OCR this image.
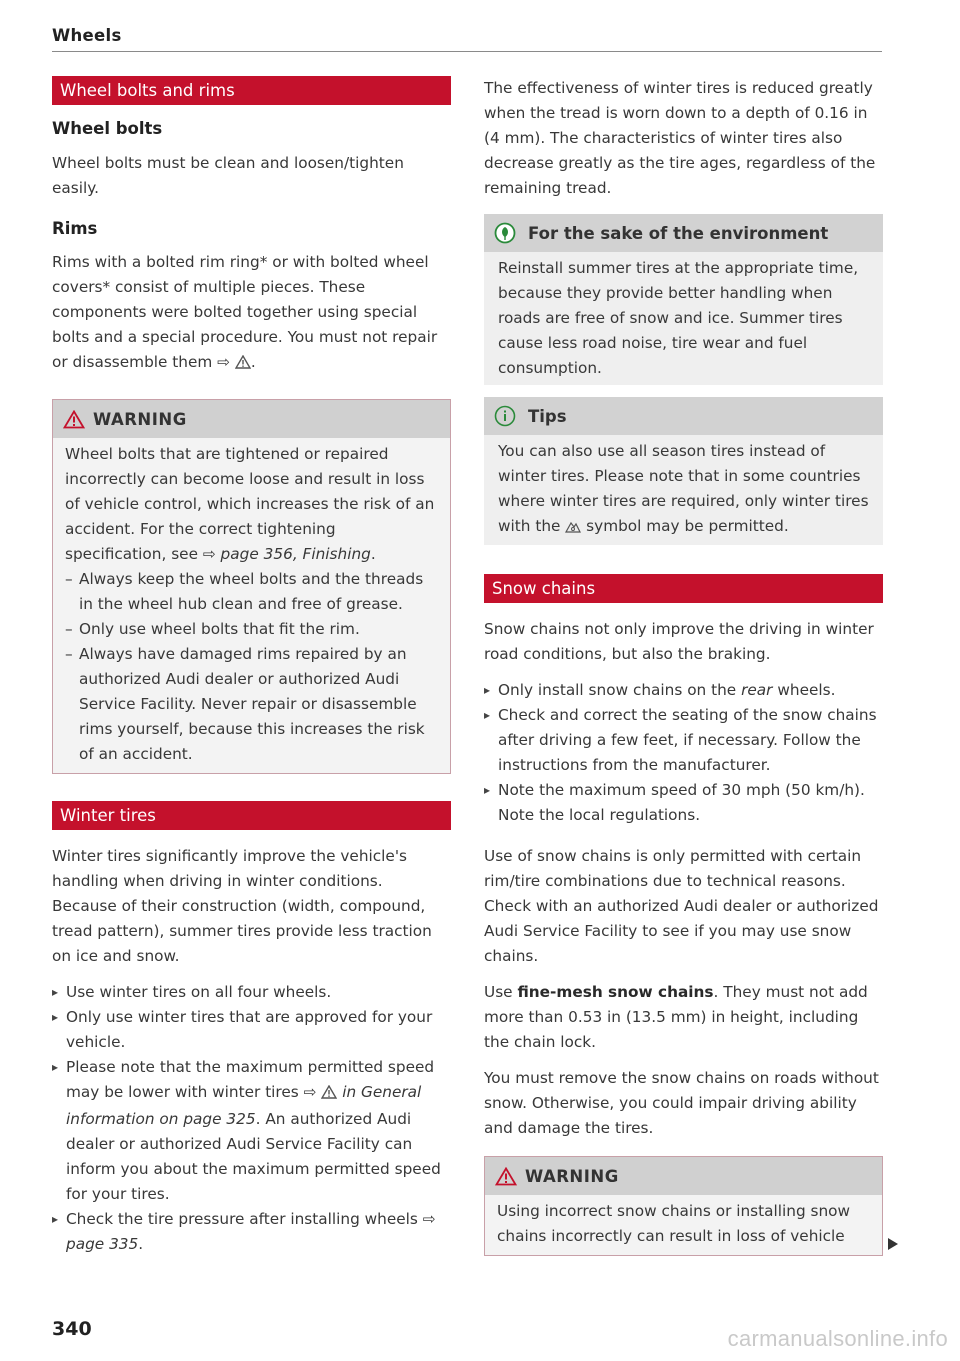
Wheels
Wheel bolts and rims
Wheel bolts

Wheel bolts must be clean and loosen/tighten easily.

Rims

Rims with a bolted rim ring* or with bolted wheel covers* consist of multiple pieces. These components were bolted together using special bolts and a special procedure. You must not repair or disassemble them ⇨ .

WARNING

Wheel bolts that are tightened or repaired incorrectly can become loose and result in loss of vehicle control, which increases the risk of an accident. For the correct tightening specification, see ⇨ page 356, Finishing.

– Always keep the wheel bolts and the threads in the wheel hub clean and free of grease.
– Only use wheel bolts that fit the rim.
– Always have damaged rims repaired by an authorized Audi dealer or authorized Audi Service Facility. Never repair or disassemble rims yourself, because this increases the risk of an accident.
Winter tires

Winter tires significantly improve the vehicle's handling when driving in winter conditions. Because of their construction (width, compound, tread pattern), summer tires provide less traction on ice and snow.

▸ Use winter tires on all four wheels.
▸ Only use winter tires that are approved for your vehicle.
▸ Please note that the maximum permitted speed may be lower with winter tires ⇨ in General information on page 325. An authorized Audi dealer or authorized Audi Service Facility can inform you about the maximum permitted speed for your tires.
▸ Check the tire pressure after installing wheels ⇨ page 335.

The effectiveness of winter tires is reduced greatly when the tread is worn down to a depth of 0.16 in (4 mm). The characteristics of winter tires also decrease greatly as the tire ages, regardless of the remaining tread.

For the sake of the environment

Reinstall summer tires at the appropriate time, because they provide better handling when roads are free of snow and ice. Summer tires cause less road noise, tire wear and fuel consumption.

Tips

You can also use all season tires instead of winter tires. Please note that in some countries where winter tires are required, only winter tires with the symbol may be permitted.

Snow chains

Snow chains not only improve the driving in winter road conditions, but also the braking.

▸ Only install snow chains on the rear wheels.
▸ Check and correct the seating of the snow chains after driving a few feet, if necessary. Follow the instructions from the manufacturer.
▸ Note the maximum speed of 30 mph (50 km/h). Note the local regulations.

Use of snow chains is only permitted with certain rim/tire combinations due to technical reasons. Check with an authorized Audi dealer or authorized Audi Service Facility to see if you may use snow chains.

Use fine-mesh snow chains. They must not add more than 0.53 in (13.5 mm) in height, including the chain lock.

You must remove the snow chains on roads without snow. Otherwise, you could impair driving ability and damage the tires.

WARNING

Using incorrect snow chains or installing snow chains incorrectly can result in loss of vehicle

340	carmanualsonline.info
